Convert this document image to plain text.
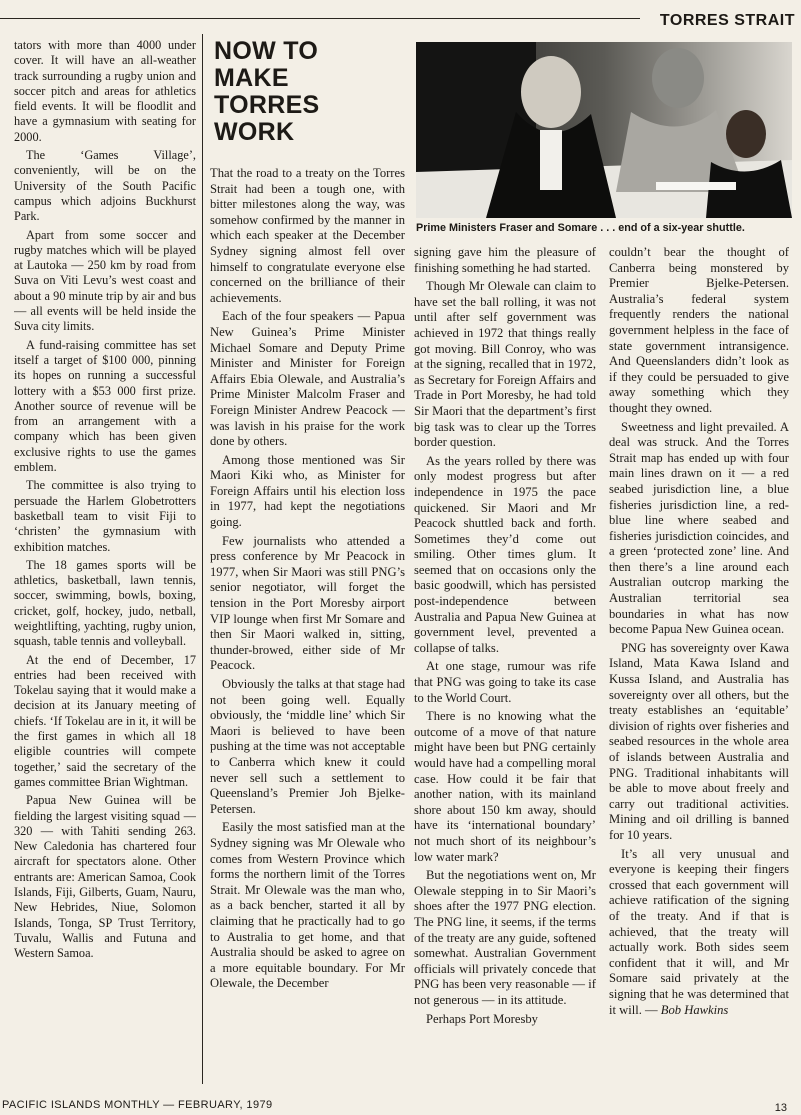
TORRES STRAIT

tators with more than 4000 under cover. It will have an all-weather track surrounding a rugby union and soccer pitch and areas for athletics field events. It will be floodlit and have a gymnasium with seating for 2000.

The ‘Games Village’, conveniently, will be on the University of the South Pacific campus which adjoins Buckhurst Park.

Apart from some soccer and rugby matches which will be played at Lautoka — 250 km by road from Suva on Viti Levu’s west coast and about a 90 minute trip by air and bus — all events will be held inside the Suva city limits.

A fund-raising committee has set itself a target of $100 000, pinning its hopes on running a successful lottery with a $53 000 first prize. Another source of revenue will be from an arrangement with a company which has been given exclusive rights to use the games emblem.

The committee is also trying to persuade the Harlem Globetrotters basketball team to visit Fiji to ‘christen’ the gymnasium with exhibition matches.

The 18 games sports will be athletics, basketball, lawn tennis, soccer, swimming, bowls, boxing, cricket, golf, hockey, judo, netball, weightlifting, yachting, rugby union, squash, table tennis and volleyball.

At the end of December, 17 entries had been received with Tokelau saying that it would make a decision at its January meeting of chiefs. ‘If Tokelau are in it, it will be the first games in which all 18 eligible countries will compete together,’ said the secretary of the games committee Brian Wightman.

Papua New Guinea will be fielding the largest visiting squad — 320 — with Tahiti sending 263. New Caledonia has chartered four aircraft for spectators alone. Other entrants are: American Samoa, Cook Islands, Fiji, Gilberts, Guam, Nauru, New Hebrides, Niue, Solomon Islands, Tonga, SP Trust Territory, Tuvalu, Wallis and Futuna and Western Samoa.

NOW TO
MAKE
TORRES
WORK

That the road to a treaty on the Torres Strait had been a tough one, with bitter milestones along the way, was somehow confirmed by the manner in which each speaker at the December Sydney signing almost fell over himself to congratulate everyone else concerned on the brilliance of their achievements.

Each of the four speakers — Papua New Guinea’s Prime Minister Michael Somare and Deputy Prime Minister and Minister for Foreign Affairs Ebia Olewale, and Australia’s Prime Minister Malcolm Fraser and Foreign Minister Andrew Peacock — was lavish in his praise for the work done by others.

Among those mentioned was Sir Maori Kiki who, as Minister for Foreign Affairs until his election loss in 1977, had kept the negotiations going.

Few journalists who attended a press conference by Mr Peacock in 1977, when Sir Maori was still PNG’s senior negotiator, will forget the tension in the Port Moresby airport VIP lounge when first Mr Somare and then Sir Maori walked in, sitting, thunder-browed, either side of Mr Peacock.

Obviously the talks at that stage had not been going well. Equally obviously, the ‘middle line’ which Sir Maori is believed to have been pushing at the time was not acceptable to Canberra which knew it could never sell such a settlement to Queensland’s Premier Joh Bjelke-Petersen.

Easily the most satisfied man at the Sydney signing was Mr Olewale who comes from Western Province which forms the northern limit of the Torres Strait. Mr Olewale was the man who, as a back bencher, started it all by claiming that he practically had to go to Australia to get home, and that Australia should be asked to agree on a more equitable boundary. For Mr Olewale, the December

Prime Ministers Fraser and Somare . . . end of a six-year shuttle.

signing gave him the pleasure of finishing something he had started.

Though Mr Olewale can claim to have set the ball rolling, it was not until after self government was achieved in 1972 that things really got moving. Bill Conroy, who was at the signing, recalled that in 1972, as Secretary for Foreign Affairs and Trade in Port Moresby, he had told Sir Maori that the department’s first big task was to clear up the Torres border question.

As the years rolled by there was only modest progress but after independence in 1975 the pace quickened. Sir Maori and Mr Peacock shuttled back and forth. Sometimes they’d come out smiling. Other times glum. It seemed that on occasions only the basic goodwill, which has persisted post-independence between Australia and Papua New Guinea at government level, prevented a collapse of talks.

At one stage, rumour was rife that PNG was going to take its case to the World Court.

There is no knowing what the outcome of a move of that nature might have been but PNG certainly would have had a compelling moral case. How could it be fair that another nation, with its mainland shore about 150 km away, should have its ‘international boundary’ not much short of its neighbour’s low water mark?

But the negotiations went on, Mr Olewale stepping in to Sir Maori’s shoes after the 1977 PNG election. The PNG line, it seems, if the terms of the treaty are any guide, softened somewhat. Australian Government officials will privately concede that PNG has been very reasonable — if not generous — in its attitude.

Perhaps Port Moresby

couldn’t bear the thought of Canberra being monstered by Premier Bjelke-Petersen. Australia’s federal system frequently renders the national government helpless in the face of state government intransigence. And Queenslanders didn’t look as if they could be persuaded to give away something which they thought they owned.

Sweetness and light prevailed. A deal was struck. And the Torres Strait map has ended up with four main lines drawn on it — a red seabed jurisdiction line, a blue fisheries jurisdiction line, a red-blue line where seabed and fisheries jurisdiction coincides, and a green ‘protected zone’ line. And then there’s a line around each Australian outcrop marking the Australian territorial sea boundaries in what has now become Papua New Guinea ocean.

PNG has sovereignty over Kawa Island, Mata Kawa Island and Kussa Island, and Australia has sovereignty over all others, but the treaty establishes an ‘equitable’ division of rights over fisheries and seabed resources in the whole area of islands between Australia and PNG. Traditional inhabitants will be able to move about freely and carry out traditional activities. Mining and oil drilling is banned for 10 years.

It’s all very unusual and everyone is keeping their fingers crossed that each government will achieve ratification of the signing of the treaty. And if that is achieved, that the treaty will actually work. Both sides seem confident that it will, and Mr Somare said privately at the signing that he was determined that it will. — Bob Hawkins

PACIFIC ISLANDS MONTHLY — FEBRUARY, 1979	13
